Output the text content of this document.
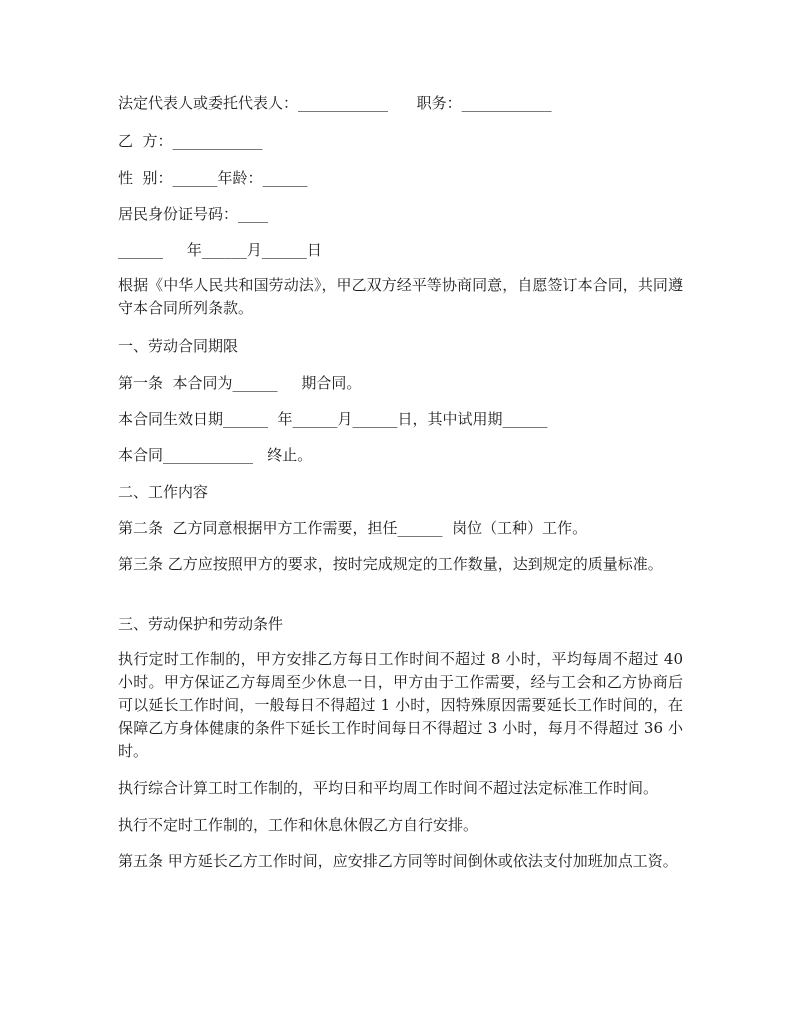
法定代表人或委托代表人：____________      职务：____________
乙  方：____________
性  别：______年龄：______
居民身份证号码：____
______     年______月______日
根据《中华人民共和国劳动法》，甲乙双方经平等协商同意，自愿签订本合同，共同遵守本合同所列条款。
一、劳动合同期限
第一条  本合同为______     期合同。
本合同生效日期______  年______月______日，其中试用期______
本合同____________   终止。
二、工作内容
第二条  乙方同意根据甲方工作需要，担任______  岗位（工种）工作。
第三条 乙方应按照甲方的要求，按时完成规定的工作数量，达到规定的质量标准。
三、劳动保护和劳动条件
执行定时工作制的，甲方安排乙方每日工作时间不超过 8 小时，平均每周不超过 40 小时。甲方保证乙方每周至少休息一日，甲方由于工作需要，经与工会和乙方协商后可以延长工作时间，一般每日不得超过 1 小时，因特殊原因需要延长工作时间的，在保障乙方身体健康的条件下延长工作时间每日不得超过 3 小时，每月不得超过 36 小时。
执行综合计算工时工作制的，平均日和平均周工作时间不超过法定标准工作时间。
执行不定时工作制的，工作和休息休假乙方自行安排。
第五条 甲方延长乙方工作时间，应安排乙方同等时间倒休或依法支付加班加点工资。
